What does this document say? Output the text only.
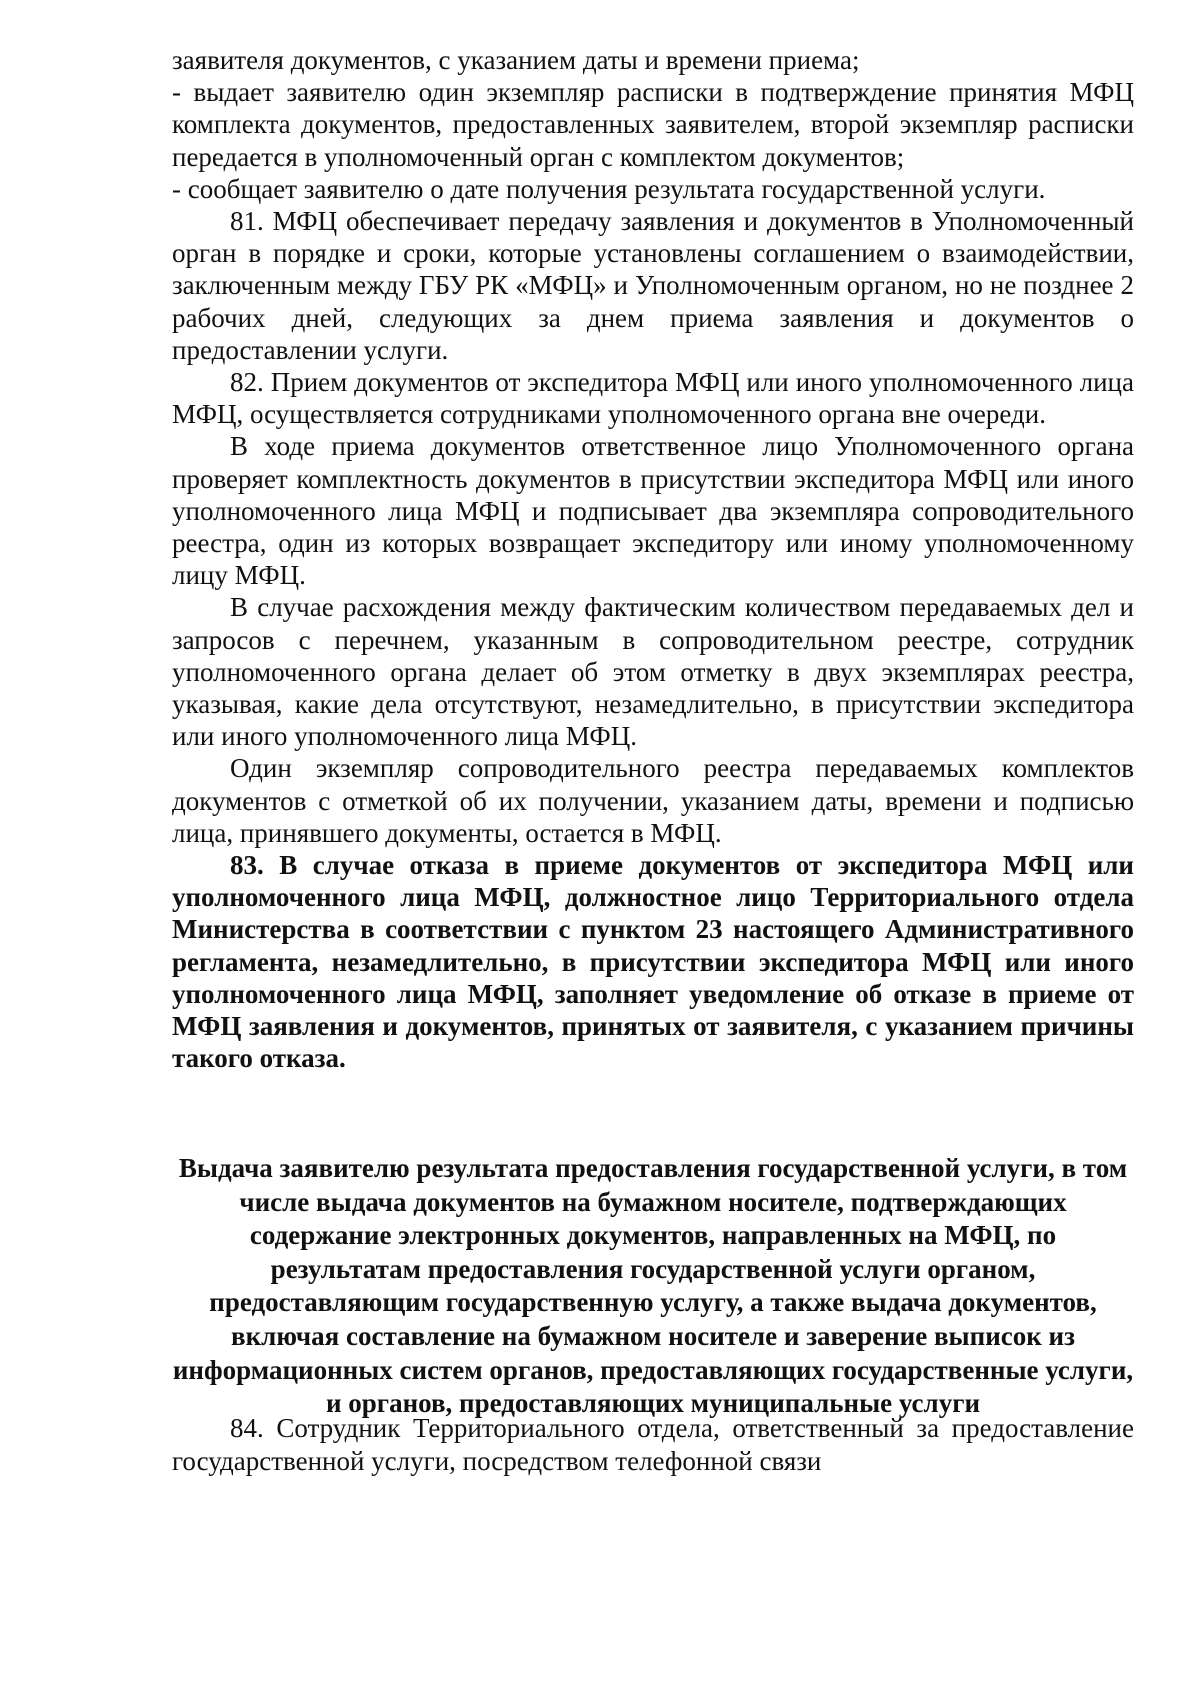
заявителя документов, с указанием даты и времени приема;

- выдает заявителю один экземпляр расписки в подтверждение принятия МФЦ комплекта документов, предоставленных заявителем, второй экземпляр расписки передается в уполномоченный орган с комплектом документов;

- сообщает заявителю о дате получения результата государственной услуги.

81. МФЦ обеспечивает передачу заявления и документов в Уполномоченный орган в порядке и сроки, которые установлены соглашением о взаимодействии, заключенным между ГБУ РК «МФЦ» и Уполномоченным органом, но не позднее 2 рабочих дней, следующих за днем приема заявления и документов о предоставлении услуги.

82. Прием документов от экспедитора МФЦ или иного уполномоченного лица МФЦ, осуществляется сотрудниками уполномоченного органа вне очереди.

В ходе приема документов ответственное лицо Уполномоченного органа проверяет комплектность документов в присутствии экспедитора МФЦ или иного уполномоченного лица МФЦ и подписывает два экземпляра сопроводительного реестра, один из которых возвращает экспедитору или иному уполномоченному лицу МФЦ.

В случае расхождения между фактическим количеством передаваемых дел и запросов с перечнем, указанным в сопроводительном реестре, сотрудник уполномоченного органа делает об этом отметку в двух экземплярах реестра, указывая, какие дела отсутствуют, незамедлительно, в присутствии экспедитора или иного уполномоченного лица МФЦ.

Один экземпляр сопроводительного реестра передаваемых комплектов документов с отметкой об их получении, указанием даты, времени и подписью лица, принявшего документы, остается в МФЦ.

83. В случае отказа в приеме документов от экспедитора МФЦ или уполномоченного лица МФЦ, должностное лицо Территориального отдела Министерства в соответствии с пунктом 23 настоящего Административного регламента, незамедлительно, в присутствии экспедитора МФЦ или иного уполномоченного лица МФЦ, заполняет уведомление об отказе в приеме от МФЦ заявления и документов, принятых от заявителя, с указанием причины такого отказа.

Выдача заявителю результата предоставления государственной услуги, в том числе выдача документов на бумажном носителе, подтверждающих содержание электронных документов, направленных на МФЦ, по результатам предоставления государственной услуги органом, предоставляющим государственную услугу, а также выдача документов, включая составление на бумажном носителе и заверение выписок из информационных систем органов, предоставляющих государственные услуги, и органов, предоставляющих муниципальные услуги

84. Сотрудник Территориального отдела, ответственный за предоставление государственной услуги, посредством телефонной связи
